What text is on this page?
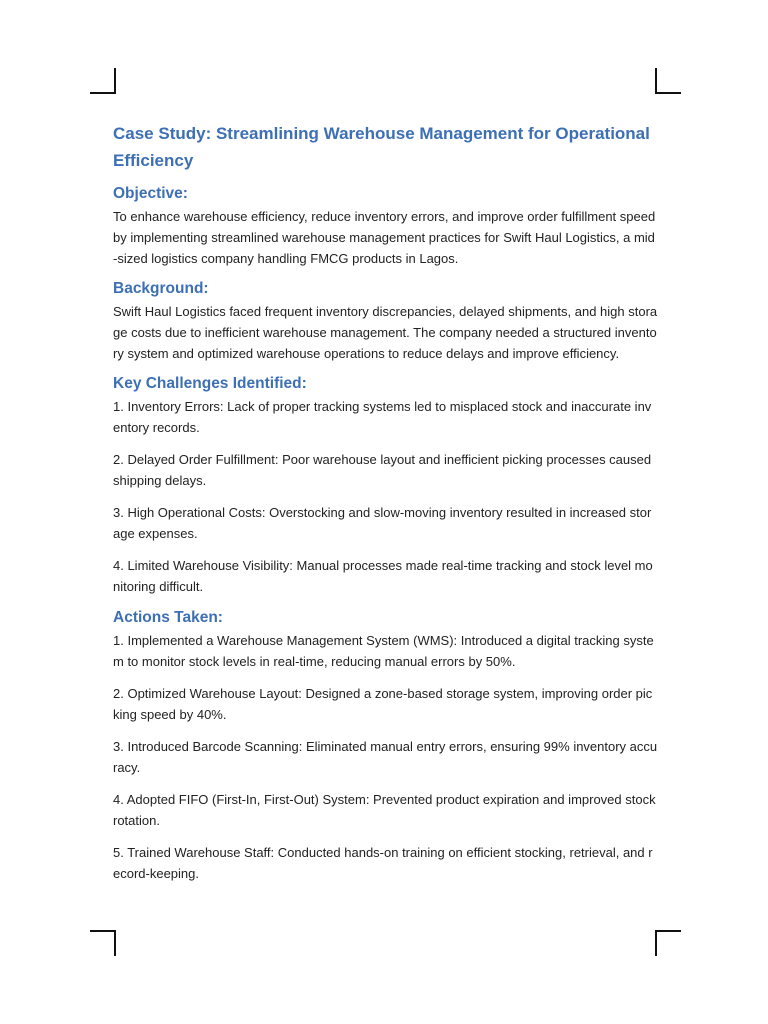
Case Study: Streamlining Warehouse Management for Operational Efficiency
Objective:

To enhance warehouse efficiency, reduce inventory errors, and improve order fulfillment speed by implementing streamlined warehouse management practices for Swift Haul Logistics, a mid-sized logistics company handling FMCG products in Lagos.

Background:

Swift Haul Logistics faced frequent inventory discrepancies, delayed shipments, and high storage costs due to inefficient warehouse management. The company needed a structured inventory system and optimized warehouse operations to reduce delays and improve efficiency.

Key Challenges Identified:

1. Inventory Errors: Lack of proper tracking systems led to misplaced stock and inaccurate inventory records.

2. Delayed Order Fulfillment: Poor warehouse layout and inefficient picking processes caused shipping delays.

3. High Operational Costs: Overstocking and slow-moving inventory resulted in increased storage expenses.

4. Limited Warehouse Visibility: Manual processes made real-time tracking and stock level monitoring difficult.

Actions Taken:

1. Implemented a Warehouse Management System (WMS): Introduced a digital tracking system to monitor stock levels in real-time, reducing manual errors by 50%.

2. Optimized Warehouse Layout: Designed a zone-based storage system, improving order picking speed by 40%.

3. Introduced Barcode Scanning: Eliminated manual entry errors, ensuring 99% inventory accuracy.

4. Adopted FIFO (First-In, First-Out) System: Prevented product expiration and improved stock rotation.

5. Trained Warehouse Staff: Conducted hands-on training on efficient stocking, retrieval, and record-keeping.
